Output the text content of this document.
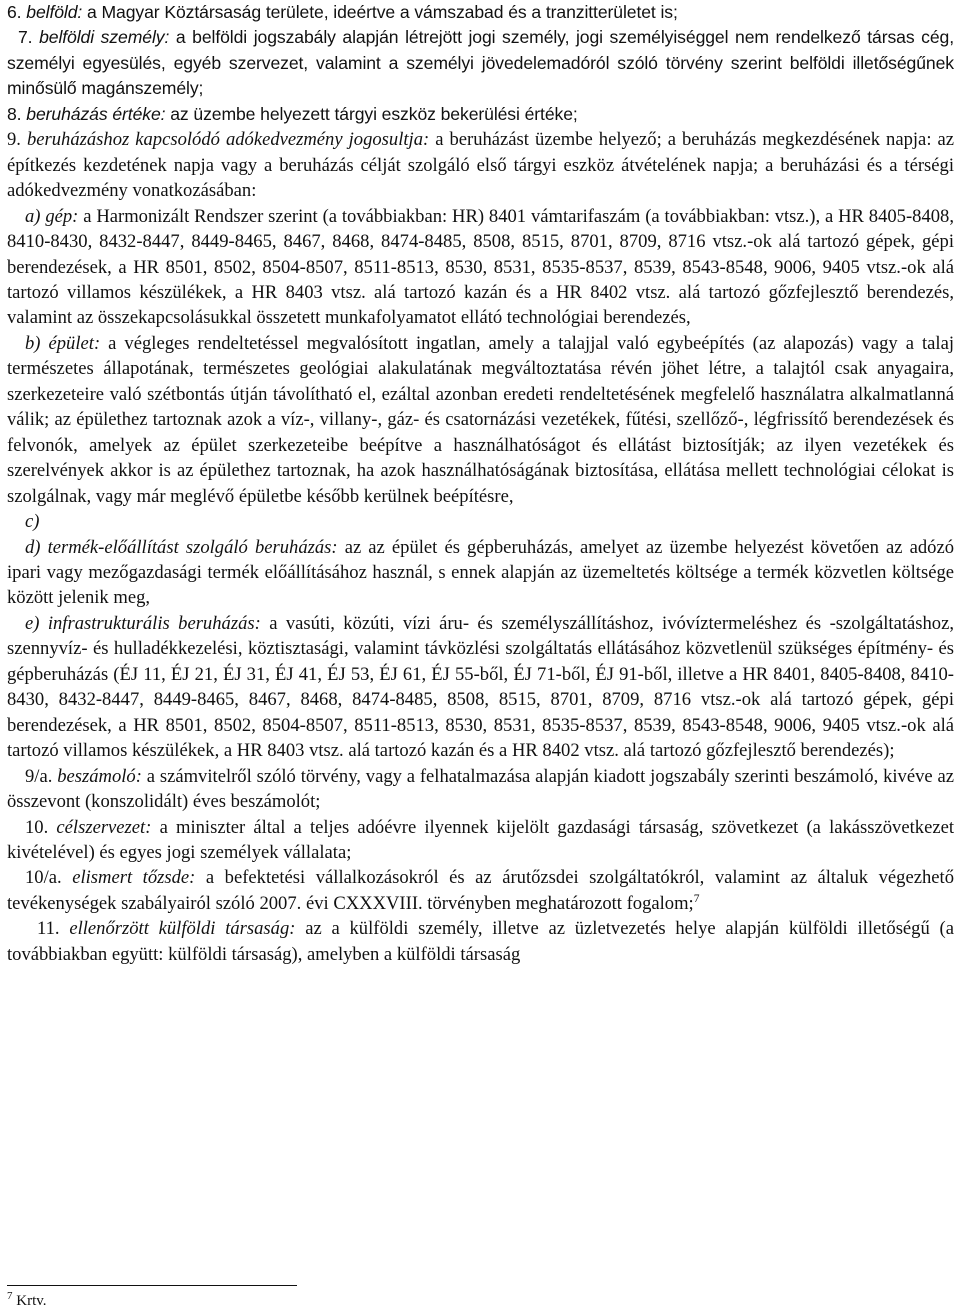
6. belföld: a Magyar Köztársaság területe, ideértve a vámszabad és a tranzitterületet is;

7. belföldi személy: a belföldi jogszabály alapján létrejött jogi személy, jogi személyiséggel nem rendelkező társas cég, személyi egyesülés, egyéb szervezet, valamint a személyi jövedelemadóról szóló törvény szerint belföldi illetőségűnek minősülő magánszemély;

8. beruházás értéke: az üzembe helyezett tárgyi eszköz bekerülési értéke;

9. beruházáshoz kapcsolódó adókedvezmény jogosultja: a beruházást üzembe helyező; a beruházás megkezdésének napja: az építkezés kezdetének napja vagy a beruházás célját szolgáló első tárgyi eszköz átvételének napja; a beruházási és a térségi adókedvezmény vonatkozásában:

a) gép: a Harmonizált Rendszer szerint (a továbbiakban: HR) 8401 vámtarifaszám (a továbbiakban: vtsz.), a HR 8405-8408, 8410-8430, 8432-8447, 8449-8465, 8467, 8468, 8474-8485, 8508, 8515, 8701, 8709, 8716 vtsz.-ok alá tartozó gépek, gépi berendezések, a HR 8501, 8502, 8504-8507, 8511-8513, 8530, 8531, 8535-8537, 8539, 8543-8548, 9006, 9405 vtsz.-ok alá tartozó villamos készülékek, a HR 8403 vtsz. alá tartozó kazán és a HR 8402 vtsz. alá tartozó gőzfejlesztő berendezés, valamint az összekapcsolásukkal összetett munkafolyamatot ellátó technológiai berendezés,

b) épület: a végleges rendeltetéssel megvalósított ingatlan, amely a talajjal való egybeépítés (az alapozás) vagy a talaj természetes állapotának, természetes geológiai alakulatának megváltoztatása révén jöhet létre, a talajtól csak anyagaira, szerkezeteire való szétbontás útján távolítható el, ezáltal azonban eredeti rendeltetésének megfelelő használatra alkalmatlanná válik; az épülethez tartoznak azok a víz-, villany-, gáz- és csatornázási vezetékek, fűtési, szellőző-, légfrissítő berendezések és felvonók, amelyek az épület szerkezeteibe beépítve a használhatóságot és ellátást biztosítják; az ilyen vezetékek és szerelvények akkor is az épülethez tartoznak, ha azok használhatóságának biztosítása, ellátása mellett technológiai célokat is szolgálnak, vagy már meglévő épületbe később kerülnek beépítésre,

c)

d) termék-előállítást szolgáló beruházás: az az épület és gépberuházás, amelyet az üzembe helyezést követően az adózó ipari vagy mezőgazdasági termék előállításához használ, s ennek alapján az üzemeltetés költsége a termék közvetlen költsége között jelenik meg,

e) infrastrukturális beruházás: a vasúti, közúti, vízi áru- és személyszállításhoz, ivóvíztermeléshez és -szolgáltatáshoz, szennyvíz- és hulladékkezelési, köztisztasági, valamint távközlési szolgáltatás ellátásához közvetlenül szükséges építmény- és gépberuházás (ÉJ 11, ÉJ 21, ÉJ 31, ÉJ 41, ÉJ 53, ÉJ 61, ÉJ 55-ből, ÉJ 71-ből, ÉJ 91-ből, illetve a HR 8401, 8405-8408, 8410-8430, 8432-8447, 8449-8465, 8467, 8468, 8474-8485, 8508, 8515, 8701, 8709, 8716 vtsz.-ok alá tartozó gépek, gépi berendezések, a HR 8501, 8502, 8504-8507, 8511-8513, 8530, 8531, 8535-8537, 8539, 8543-8548, 9006, 9405 vtsz.-ok alá tartozó villamos készülékek, a HR 8403 vtsz. alá tartozó kazán és a HR 8402 vtsz. alá tartozó gőzfejlesztő berendezés);

9/a. beszámoló: a számvitelről szóló törvény, vagy a felhatalmazása alapján kiadott jogszabály szerinti beszámoló, kivéve az összevont (konszolidált) éves beszámolót;

10. célszervezet: a miniszter által a teljes adóévre ilyennek kijelölt gazdasági társaság, szövetkezet (a lakásszövetkezet kivételével) és egyes jogi személyek vállalata;

10/a. elismert tőzsde: a befektetési vállalkozásokról és az árutőzsdei szolgáltatókról, valamint az általuk végezhető tevékenységek szabályairól szóló 2007. évi CXXXVIII. törvényben meghatározott fogalom;$^7$

11. ellenőrzött külföldi társaság: az a külföldi személy, illetve az üzletvezetés helye alapján külföldi illetőségű (a továbbiakban együtt: külföldi társaság), amelyben a külföldi társaság

$^7$ Krtv.
